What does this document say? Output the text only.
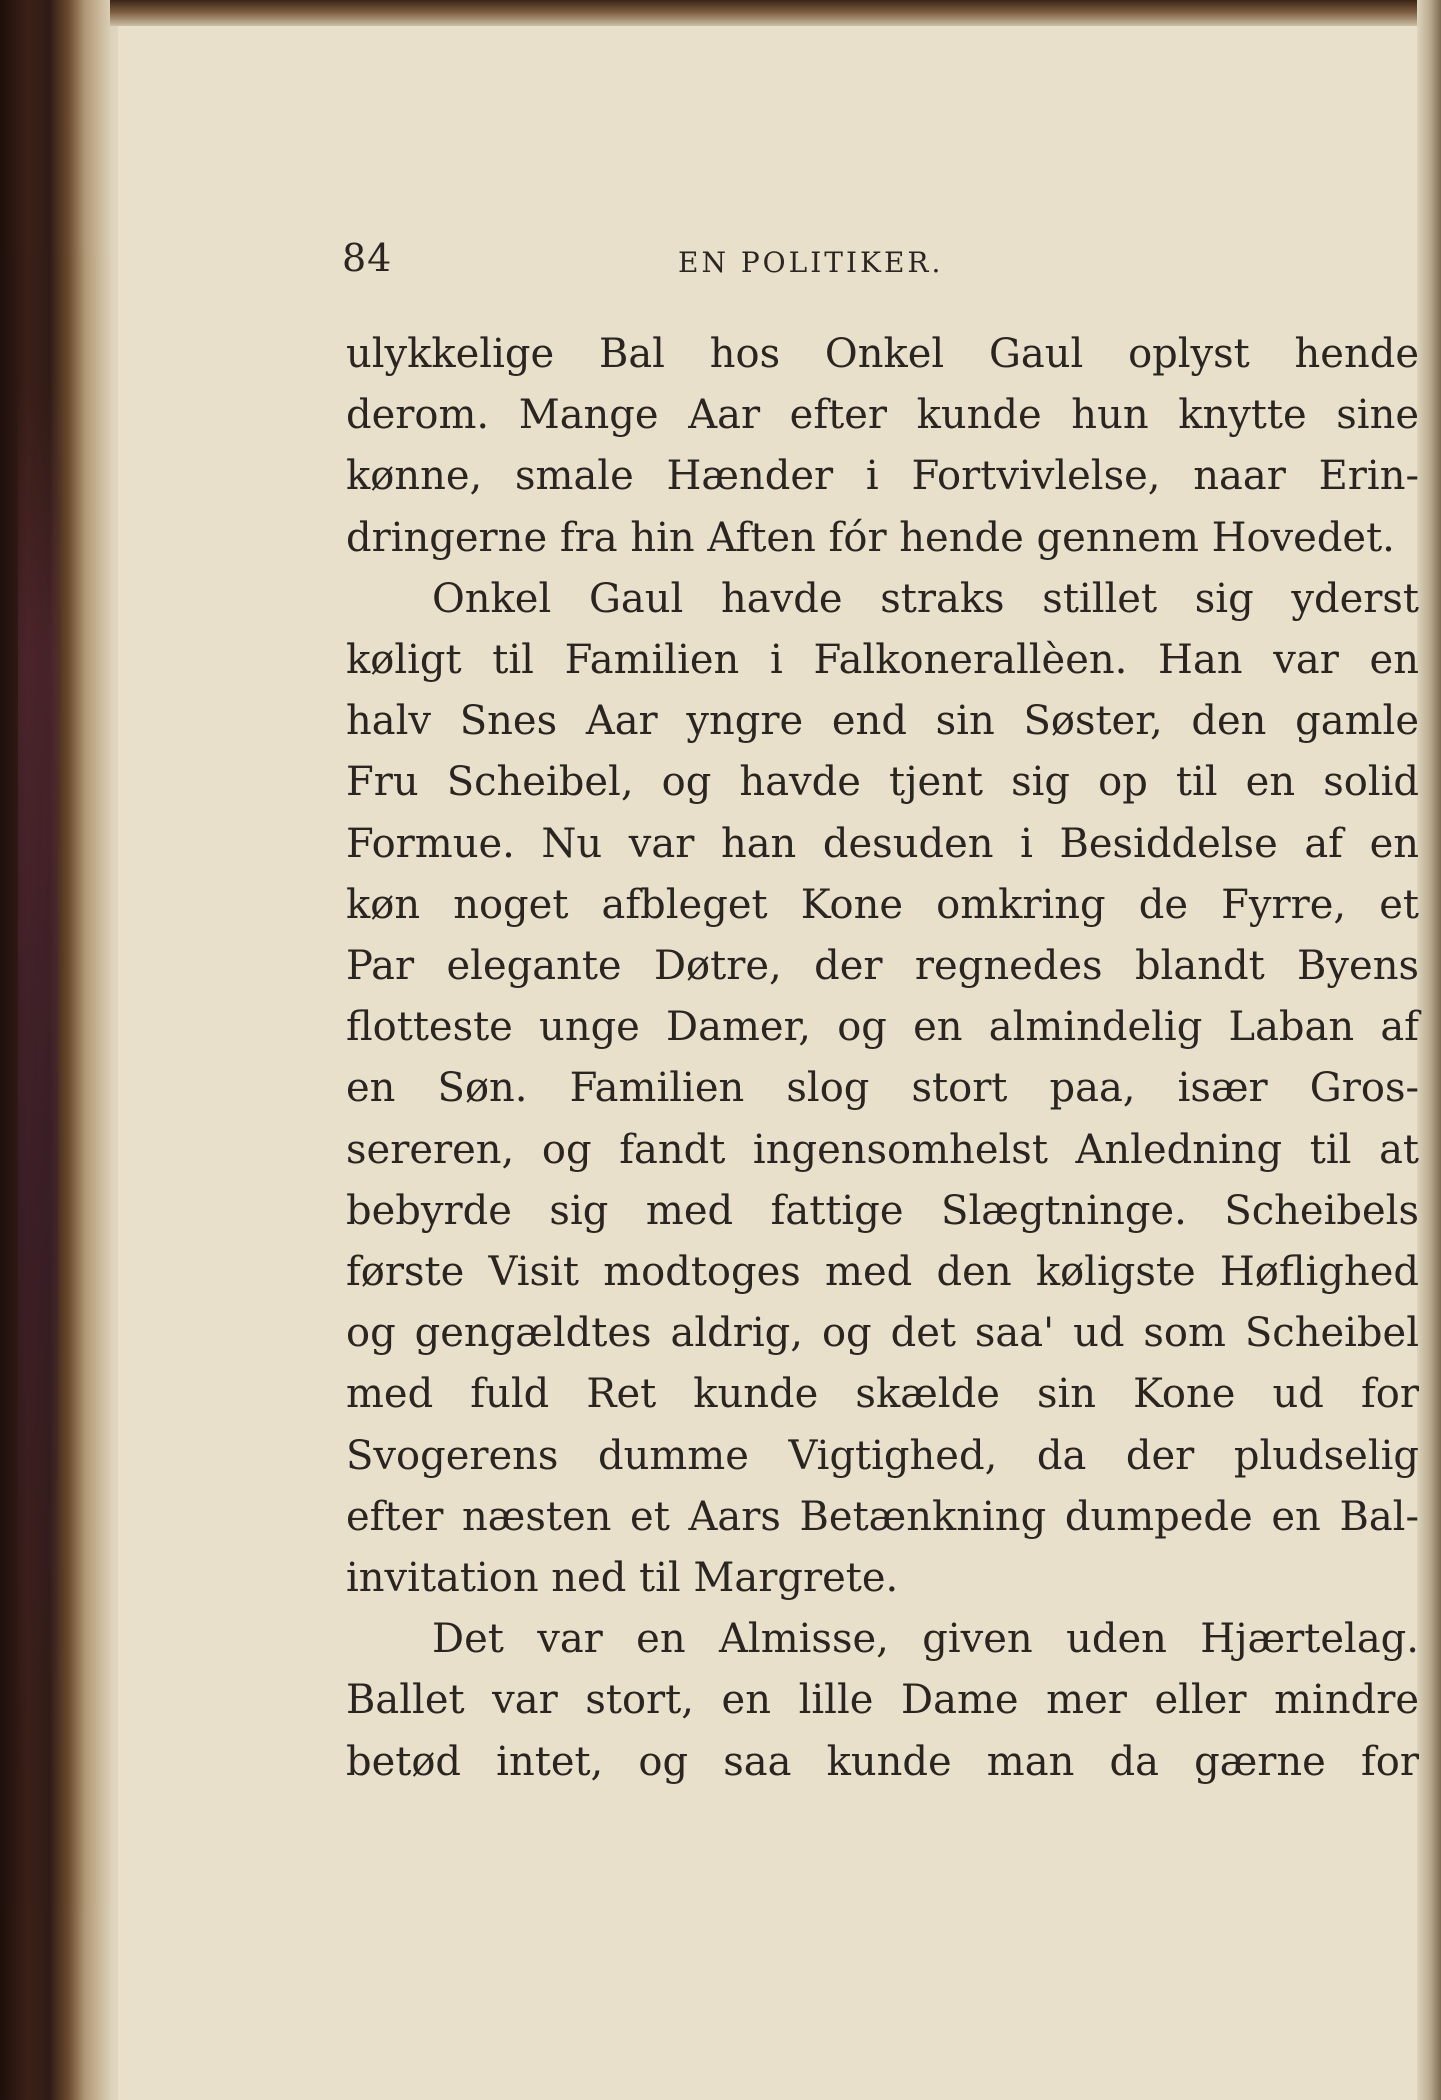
84	EN POLITIKER.
ulykkelige Bal hos Onkel Gaul oplyst hende
derom. Mange Aar efter kunde hun knytte sine
kønne, smale Hænder i Fortvivlelse, naar Erin-
dringerne fra hin Aften fór hende gennem Hovedet.
Onkel Gaul havde straks stillet sig yderst
køligt til Familien i Falkonerallèen. Han var en
halv Snes Aar yngre end sin Søster, den gamle
Fru Scheibel, og havde tjent sig op til en solid
Formue. Nu var han desuden i Besiddelse af en
køn noget afbleget Kone omkring de Fyrre, et
Par elegante Døtre, der regnedes blandt Byens
flotteste unge Damer, og en almindelig Laban af
en Søn. Familien slog stort paa, især Gros-
sereren, og fandt ingensomhelst Anledning til at
bebyrde sig med fattige Slægtninge. Scheibels
første Visit modtoges med den køligste Høflighed
og gengældtes aldrig, og det saa' ud som Scheibel
med fuld Ret kunde skælde sin Kone ud for
Svogerens dumme Vigtighed, da der pludselig
efter næsten et Aars Betænkning dumpede en Bal-
invitation ned til Margrete.
Det var en Almisse, given uden Hjærtelag.
Ballet var stort, en lille Dame mer eller mindre
betød intet, og saa kunde man da gærne for
